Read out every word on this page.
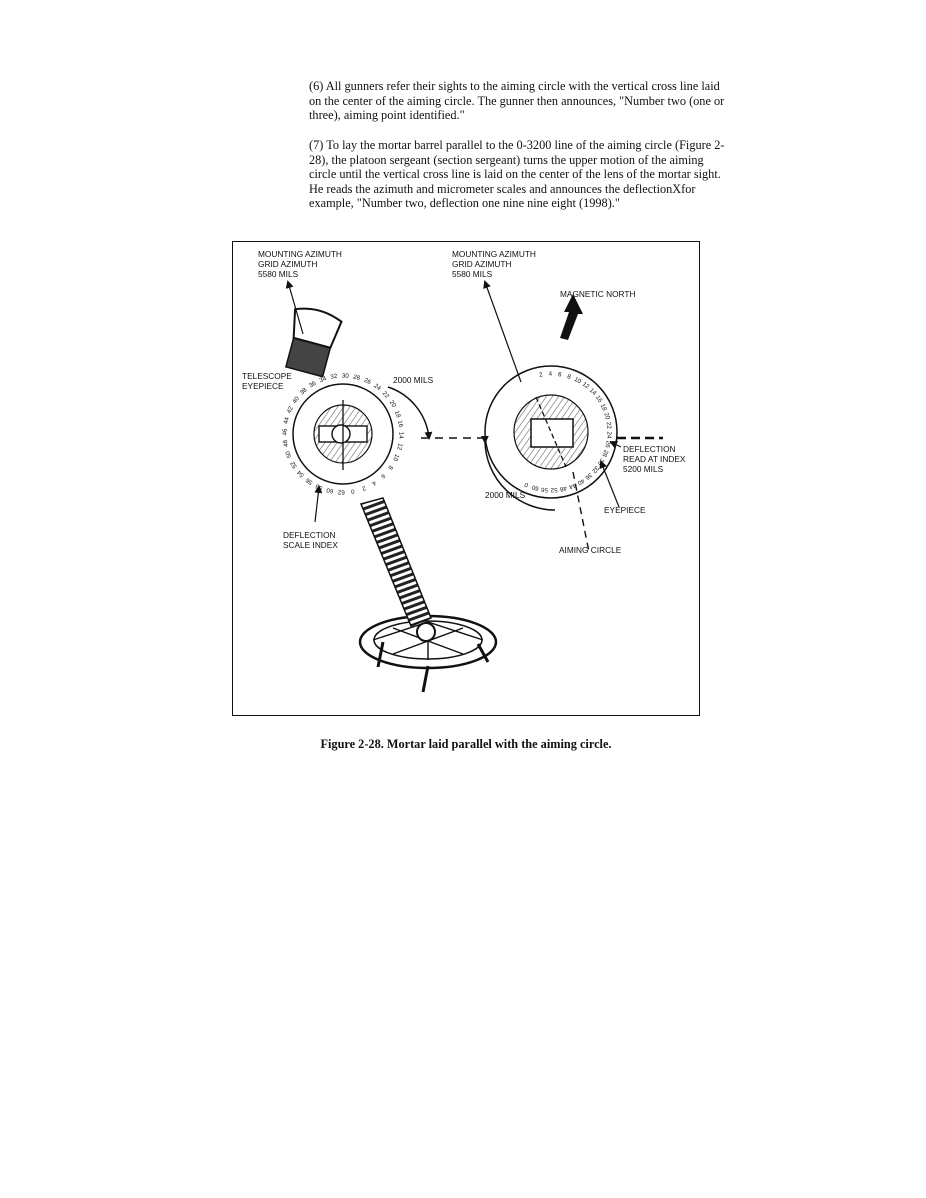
(6) All gunners refer their sights to the aiming circle with the vertical cross line laid on the center of the aiming circle. The gunner then announces, "Number two (one or three), aiming point identified."

(7) To lay the mortar barrel parallel to the 0-3200 line of the aiming circle (Figure 2-28), the platoon sergeant (section sergeant) turns the upper motion of the aiming circle until the vertical cross line is laid on the center of the lens of the mortar sight. He reads the azimuth and micrometer scales and announces the deflectionXfor example, "Number two, deflection one nine nine eight (1998)."

16
14
12
10
8
6
4
2
0
62
60
58
56
54
52
50
48
46
44
42
40
38
36
34 32 30 28 26
24
22
20
18
2 4 6 8 10
12
14
16
18
20
22
24
26
28
30
32
36
40
44
48
52
56
60
0
MOUNTING AZIMUTH
GRID AZIMUTH
5580 MILS
MOUNTING AZIMUTH
GRID AZIMUTH
5580 MILS
MAGNETIC NORTH
TELESCOPE
EYEPIECE
2000 MILS
2000 MILS
DEFLECTION
SCALE INDEX
DEFLECTION
READ AT INDEX
5200 MILS
EYEPIECE
AIMING CIRCLE

Figure 2-28. Mortar laid parallel with the aiming circle.
